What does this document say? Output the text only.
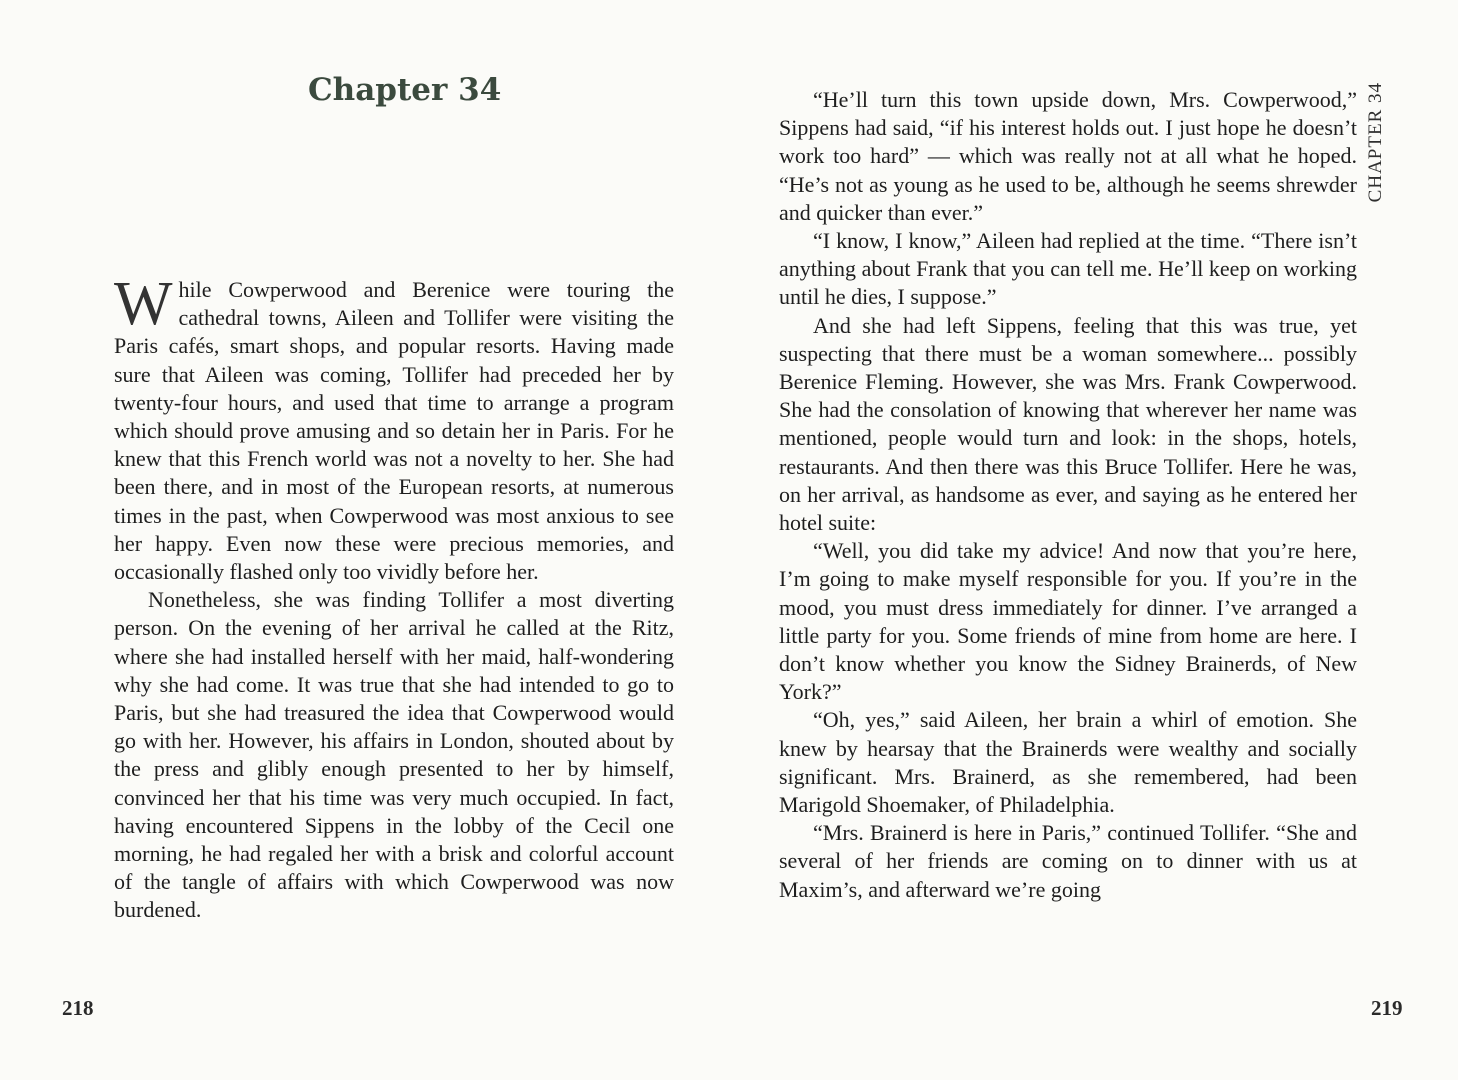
Chapter 34

While Cowperwood and Berenice were touring the cathedral towns, Aileen and Tollifer were visiting the Paris cafés, smart shops, and popular resorts. Having made sure that Aileen was coming, Tollifer had preceded her by twenty-four hours, and used that time to arrange a program which should prove amusing and so detain her in Paris. For he knew that this French world was not a novelty to her. She had been there, and in most of the European resorts, at numerous times in the past, when Cowperwood was most anxious to see her happy. Even now these were precious memories, and occasionally flashed only too vividly before her.

Nonetheless, she was finding Tollifer a most diverting person. On the evening of her arrival he called at the Ritz, where she had installed herself with her maid, half-wondering why she had come. It was true that she had intended to go to Paris, but she had treasured the idea that Cowperwood would go with her. However, his affairs in London, shouted about by the press and glibly enough presented to her by himself, convinced her that his time was very much occupied. In fact, having encountered Sippens in the lobby of the Cecil one morning, he had regaled her with a brisk and colorful account of the tangle of affairs with which Cowperwood was now burdened.

218
CHAPTER 34

“He’ll turn this town upside down, Mrs. Cowperwood,” Sippens had said, “if his interest holds out. I just hope he doesn’t work too hard” — which was really not at all what he hoped. “He’s not as young as he used to be, although he seems shrewder and quicker than ever.”

“I know, I know,” Aileen had replied at the time. “There isn’t anything about Frank that you can tell me. He’ll keep on working until he dies, I suppose.”

And she had left Sippens, feeling that this was true, yet suspecting that there must be a woman somewhere... possibly Berenice Fleming. However, she was Mrs. Frank Cowperwood. She had the consolation of knowing that wherever her name was mentioned, people would turn and look: in the shops, hotels, restaurants. And then there was this Bruce Tollifer. Here he was, on her arrival, as handsome as ever, and saying as he entered her hotel suite:

“Well, you did take my advice! And now that you’re here, I’m going to make myself responsible for you. If you’re in the mood, you must dress immediately for dinner. I’ve arranged a little party for you. Some friends of mine from home are here. I don’t know whether you know the Sidney Brainerds, of New York?”

“Oh, yes,” said Aileen, her brain a whirl of emotion. She knew by hearsay that the Brainerds were wealthy and socially significant. Mrs. Brainerd, as she remembered, had been Marigold Shoemaker, of Philadelphia.

“Mrs. Brainerd is here in Paris,” continued Tollifer. “She and several of her friends are coming on to dinner with us at Maxim’s, and afterward we’re going

219
